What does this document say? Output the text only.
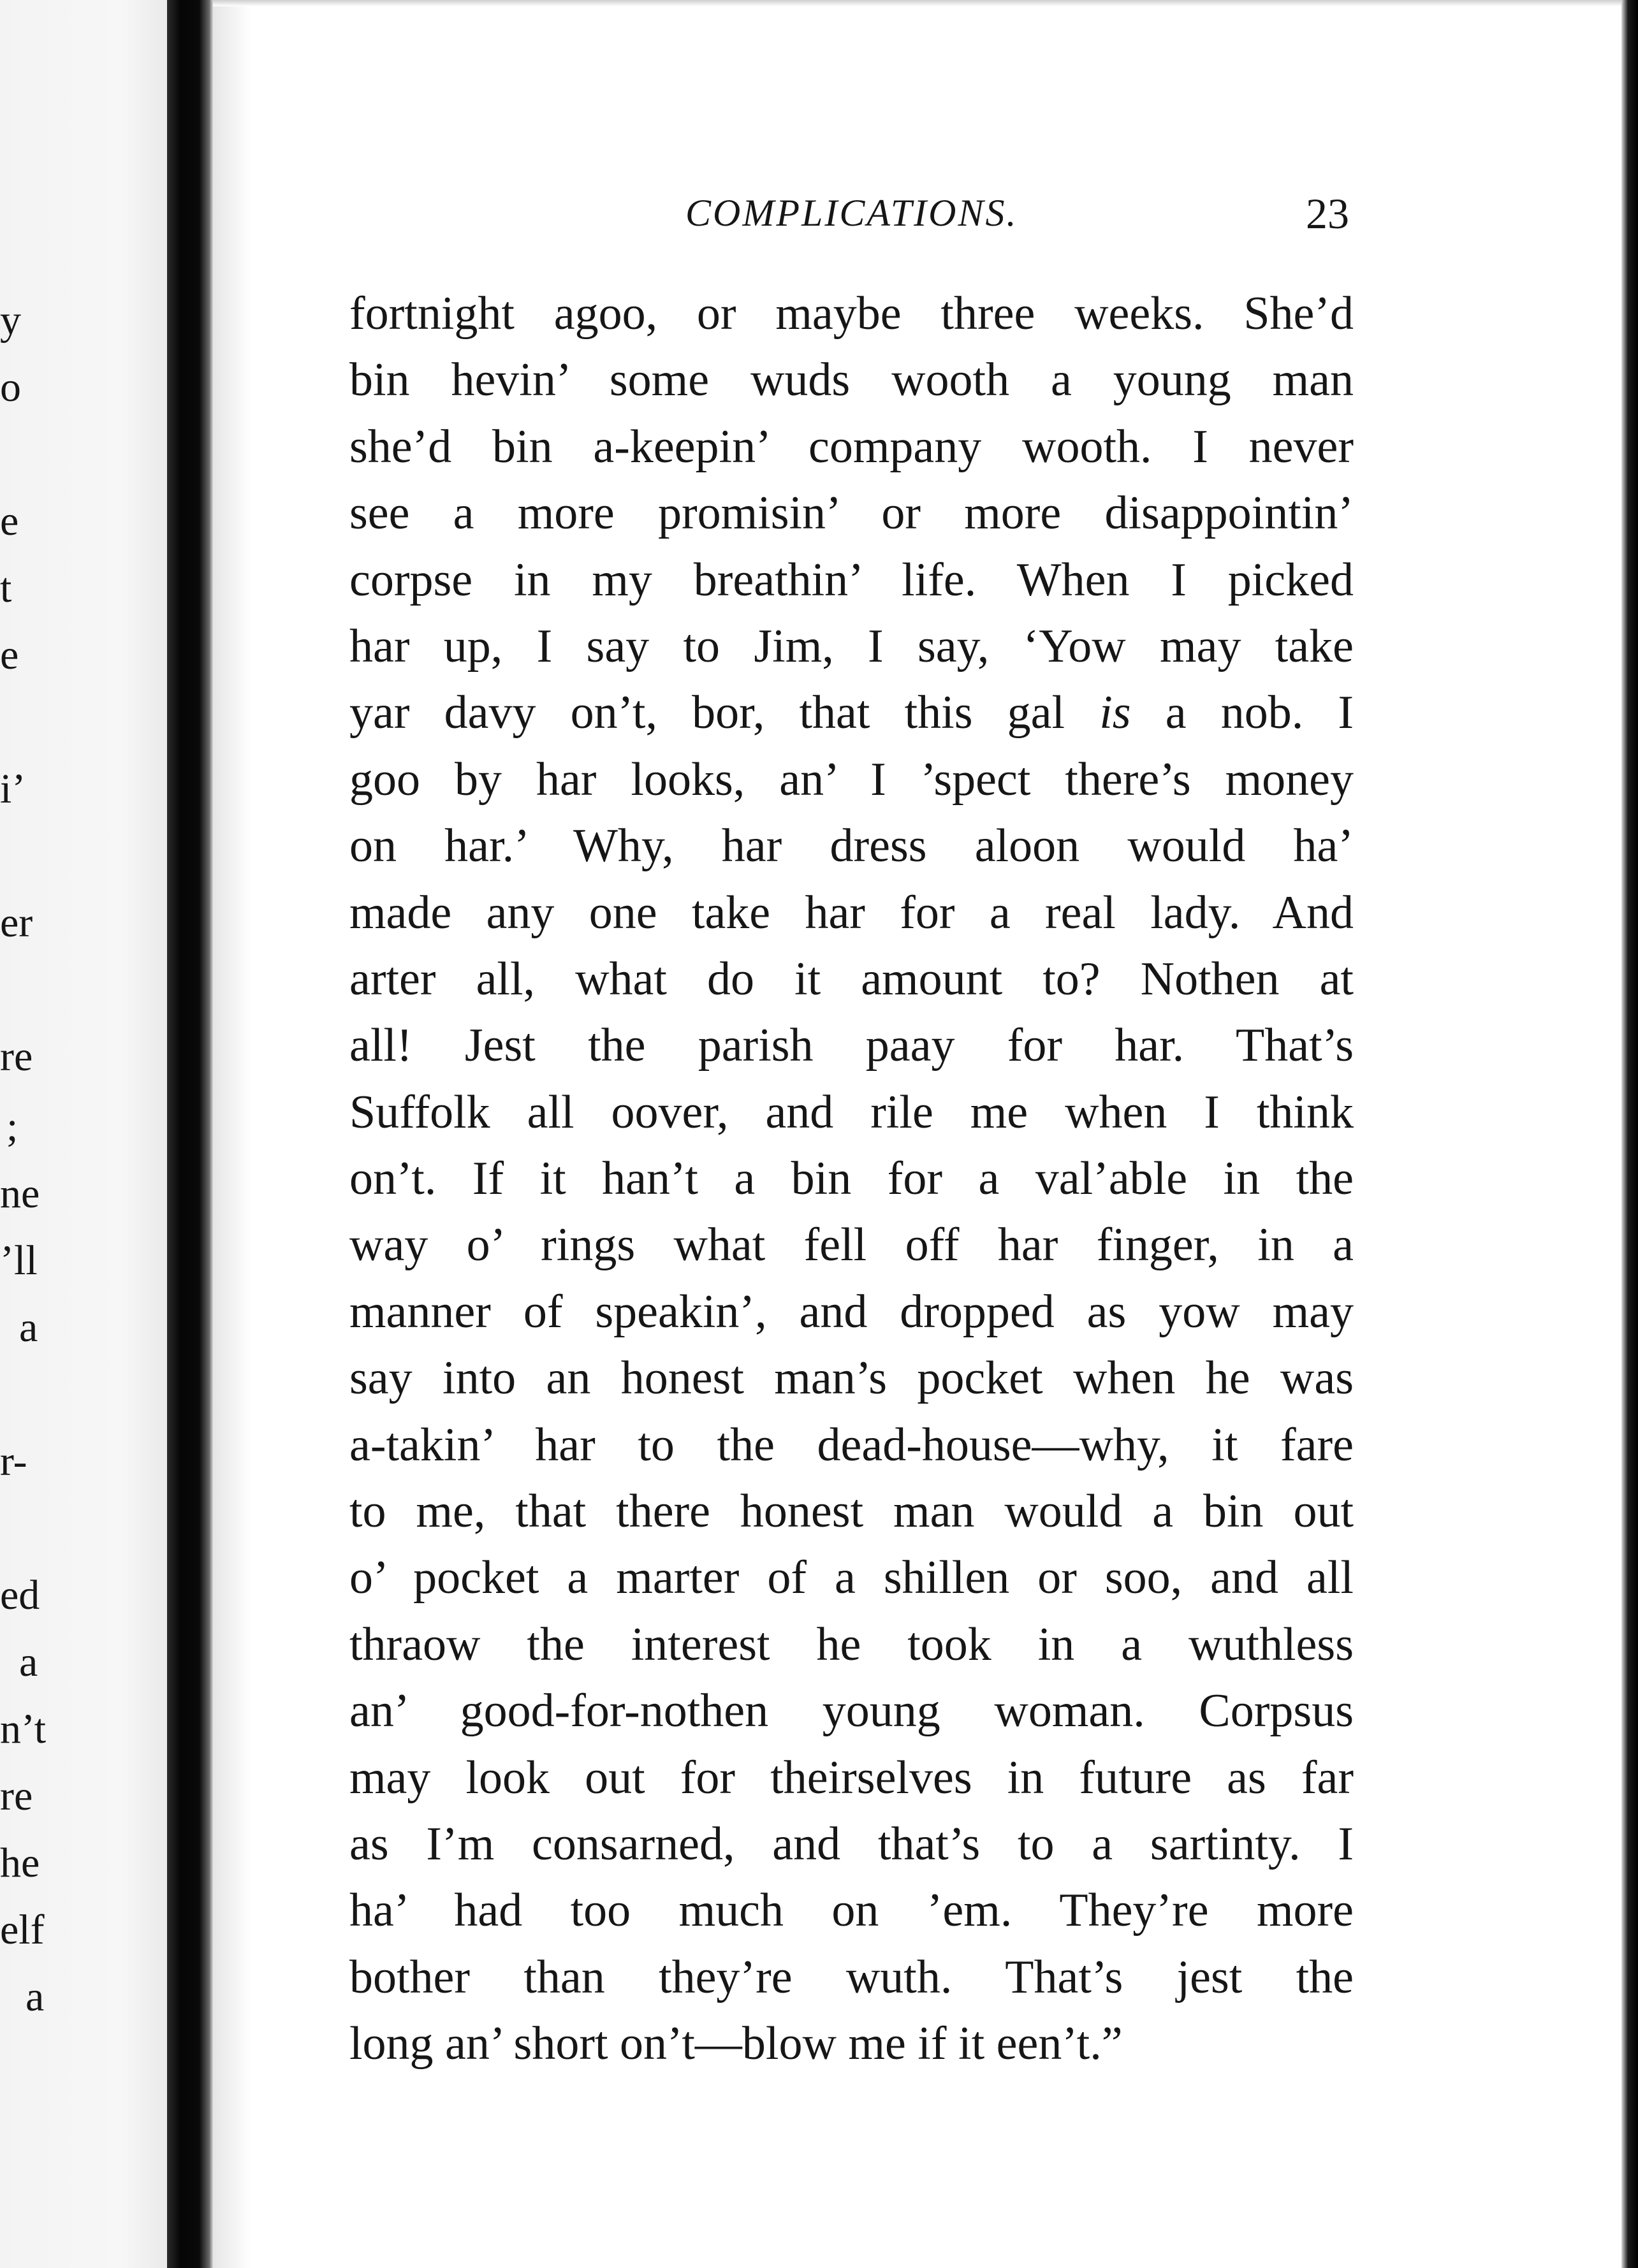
y
o
e
t
e
i’
er
re
;
ne
’ll
a
r-
ed
a
n’t
re
he
elf
a
COMPLICATIONS.	23
fortnight agoo, or maybe three weeks. She’d
bin hevin’ some wuds wooth a young man
she’d bin a-keepin’ company wooth. I never
see a more promisin’ or more disappointin’
corpse in my breathin’ life. When I picked
har up, I say to Jim, I say, ‘Yow may take
yar davy on’t, bor, that this gal is a nob. I
goo by har looks, an’ I ’spect there’s money
on har.’ Why, har dress aloon would ha’
made any one take har for a real lady. And
arter all, what do it amount to? Nothen at
all! Jest the parish paay for har. That’s
Suffolk all oover, and rile me when I think
on’t. If it han’t a bin for a val’able in the
way o’ rings what fell off har finger, in a
manner of speakin’, and dropped as yow may
say into an honest man’s pocket when he was
a-takin’ har to the dead-house—why, it fare
to me, that there honest man would a bin out
o’ pocket a marter of a shillen or soo, and all
thraow the interest he took in a wuthless
an’ good-for-nothen young woman. Corpsus
may look out for theirselves in future as far
as I’m consarned, and that’s to a sartinty. I
ha’ had too much on ’em. They’re more
bother than they’re wuth. That’s jest the
long an’ short on’t—blow me if it een’t.”
